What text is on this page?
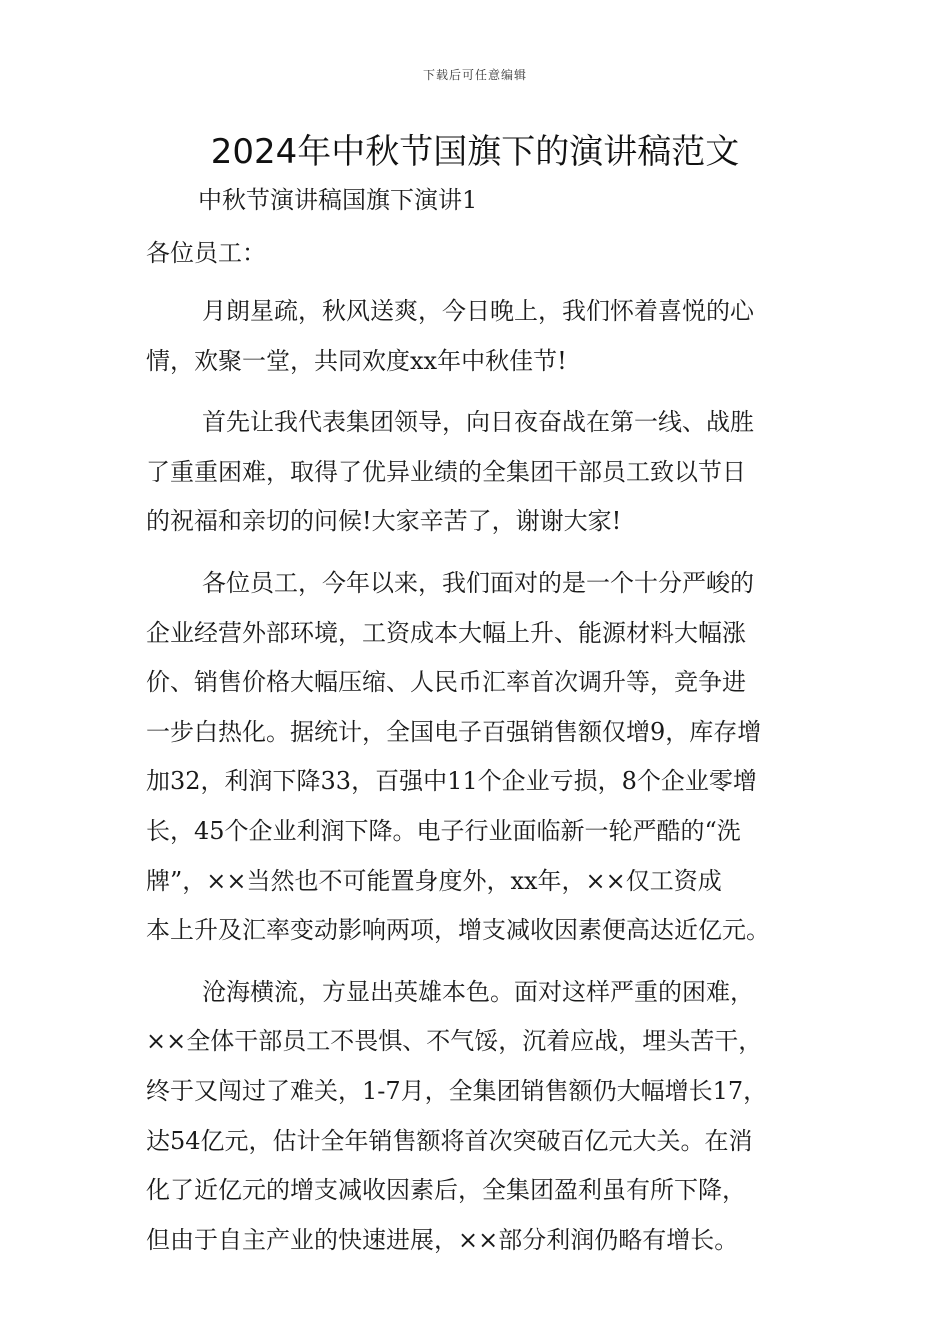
下载后可任意编辑
2024年中秋节国旗下的演讲稿范文
中秋节演讲稿国旗下演讲1
各位员工：
月朗星疏，秋风送爽，今日晚上，我们怀着喜悦的心
情，欢聚一堂，共同欢度xx年中秋佳节!
首先让我代表集团领导，向日夜奋战在第一线、战胜
了重重困难，取得了优异业绩的全集团干部员工致以节日
的祝福和亲切的问候!大家辛苦了，谢谢大家!
各位员工，今年以来，我们面对的是一个十分严峻的
企业经营外部环境，工资成本大幅上升、能源材料大幅涨
价、销售价格大幅压缩、人民币汇率首次调升等，竞争进
一步白热化。据统计，全国电子百强销售额仅增9，库存增
加32，利润下降33，百强中11个企业亏损，8个企业零增
长，45个企业利润下降。电子行业面临新一轮严酷的“洗
牌”，××当然也不可能置身度外，xx年，××仅工资成
本上升及汇率变动影响两项，增支减收因素便高达近亿元。
沧海横流，方显出英雄本色。面对这样严重的困难，
××全体干部员工不畏惧、不气馁，沉着应战，埋头苦干，
终于又闯过了难关，1-7月，全集团销售额仍大幅增长17，
达54亿元，估计全年销售额将首次突破百亿元大关。在消
化了近亿元的增支减收因素后，全集团盈利虽有所下降，
但由于自主产业的快速进展，××部分利润仍略有增长。
